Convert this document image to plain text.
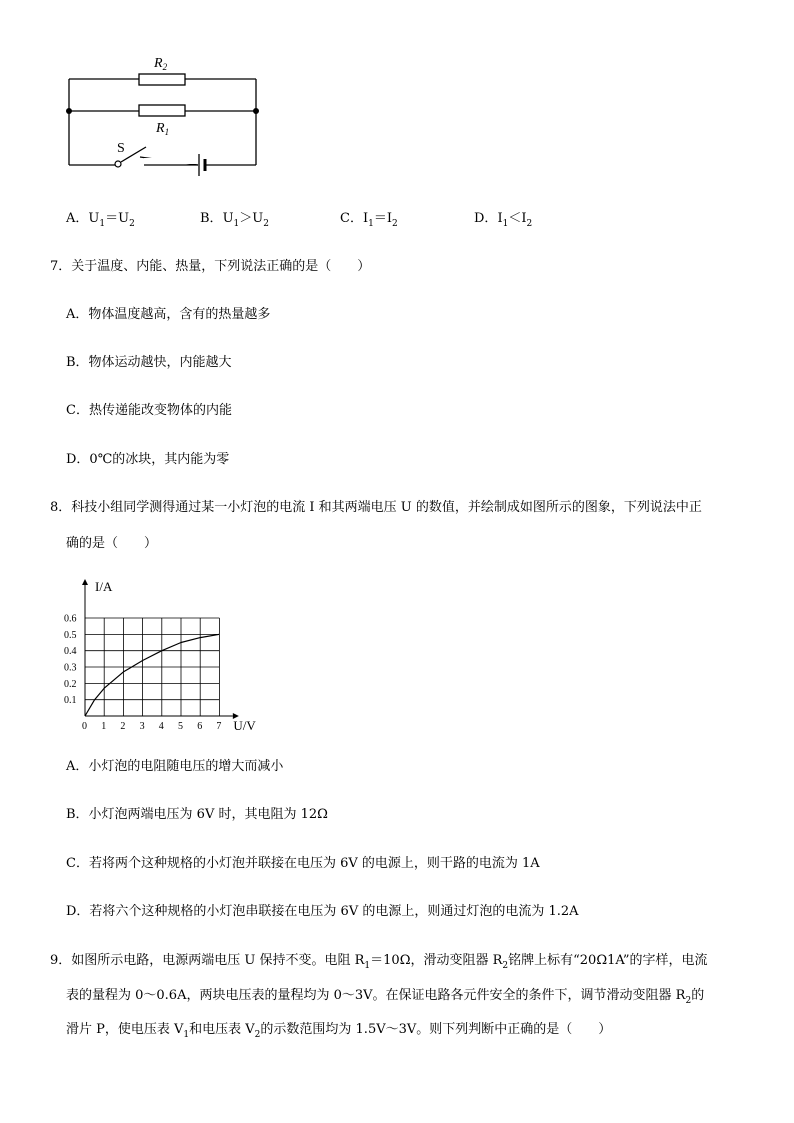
$R_2$
$R_1$
S
A．$U_1=U_2$	B．$U_1>U_2$	C．$I_1=I_2$	D．$I_1<I_2$
7．关于温度、内能、热量，下列说法正确的是（　　）
A．物体温度越高，含有的热量越多
B．物体运动越快，内能越大
C．热传递能改变物体的内能
D．0℃的冰块，其内能为零
8．科技小组同学测得通过某一小灯泡的电流 I 和其两端电压 U 的数值，并绘制成如图所示的图象，下列说法中正
确的是（　　）
0 1 2 3 4 5 6 7
0.1
0.2
0.3
0.4
0.5
0.6
I/A
U/V
A．小灯泡的电阻随电压的增大而减小
B．小灯泡两端电压为 6V 时，其电阻为 12Ω
C．若将两个这种规格的小灯泡并联接在电压为 6V 的电源上，则干路的电流为 1A
D．若将六个这种规格的小灯泡串联接在电压为 6V 的电源上，则通过灯泡的电流为 1.2A
9．如图所示电路，电源两端电压 U 保持不变。电阻 $R_1=10\Omega$，滑动变阻器 $R_2$铭牌上标有“20Ω1A”的字样，电流
表的量程为 0～0.6A，两块电压表的量程均为 0～3V。在保证电路各元件安全的条件下，调节滑动变阻器 $R_2$的
滑片 P，使电压表 $V_1$和电压表 $V_2$的示数范围均为 1.5V～3V。则下列判断中正确的是（　　）
